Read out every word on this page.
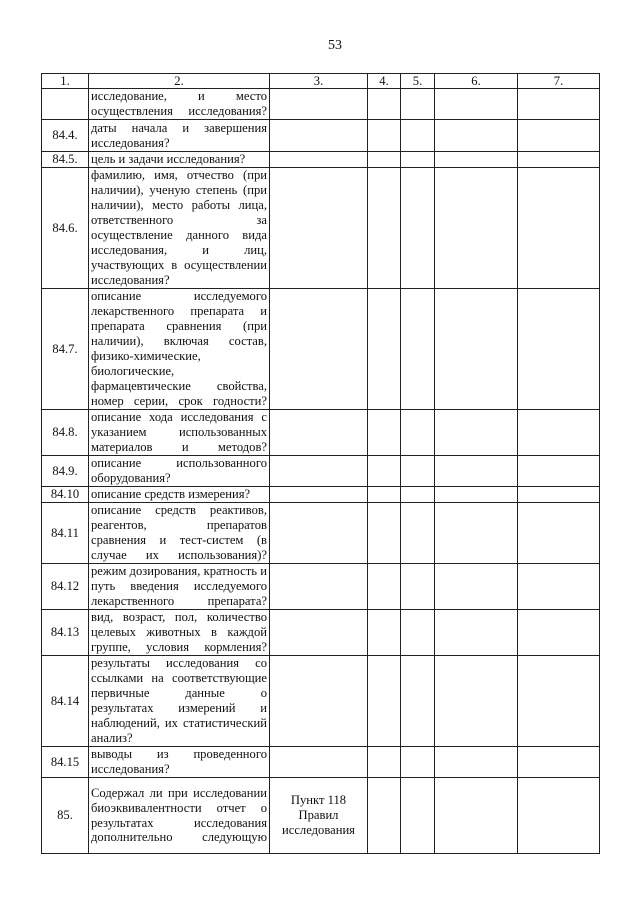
53
1.	2.	3.	4.	5.	6.	7.
	исследование, и место осуществления исследования?					
84.4.	даты начала и завершения исследования?					
84.5.	цель и задачи исследования?					
84.6.	фамилию, имя, отчество (при наличии), ученую степень (при наличии), место работы лица, ответственного за осуществление данного вида исследования, и лиц, участвующих в осуществлении исследования?					
84.7.	описание исследуемого лекарственного препарата и препарата сравнения (при наличии), включая состав, физико-химические, биологические, фармацевтические свойства, номер серии, срок годности?					
84.8.	описание хода исследования с указанием использованных материалов и методов?					
84.9.	описание использованного оборудования?					
84.10	описание средств измерения?					
84.11	описание средств реактивов, реагентов, препаратов сравнения и тест-систем (в случае их использования)?					
84.12	режим дозирования, кратность и путь введения исследуемого лекарственного препарата?					
84.13	вид, возраст, пол, количество целевых животных в каждой группе, условия кормления?					
84.14	результаты исследования со ссылками на соответствующие первичные данные о результатах измерений и наблюдений, их статистический анализ?					
84.15	выводы из проведенного исследования?					
85.	Содержал ли при исследовании биоэквивалентности отчет о результатах исследования дополнительно следующую	Пункт 118 Правил исследования				
